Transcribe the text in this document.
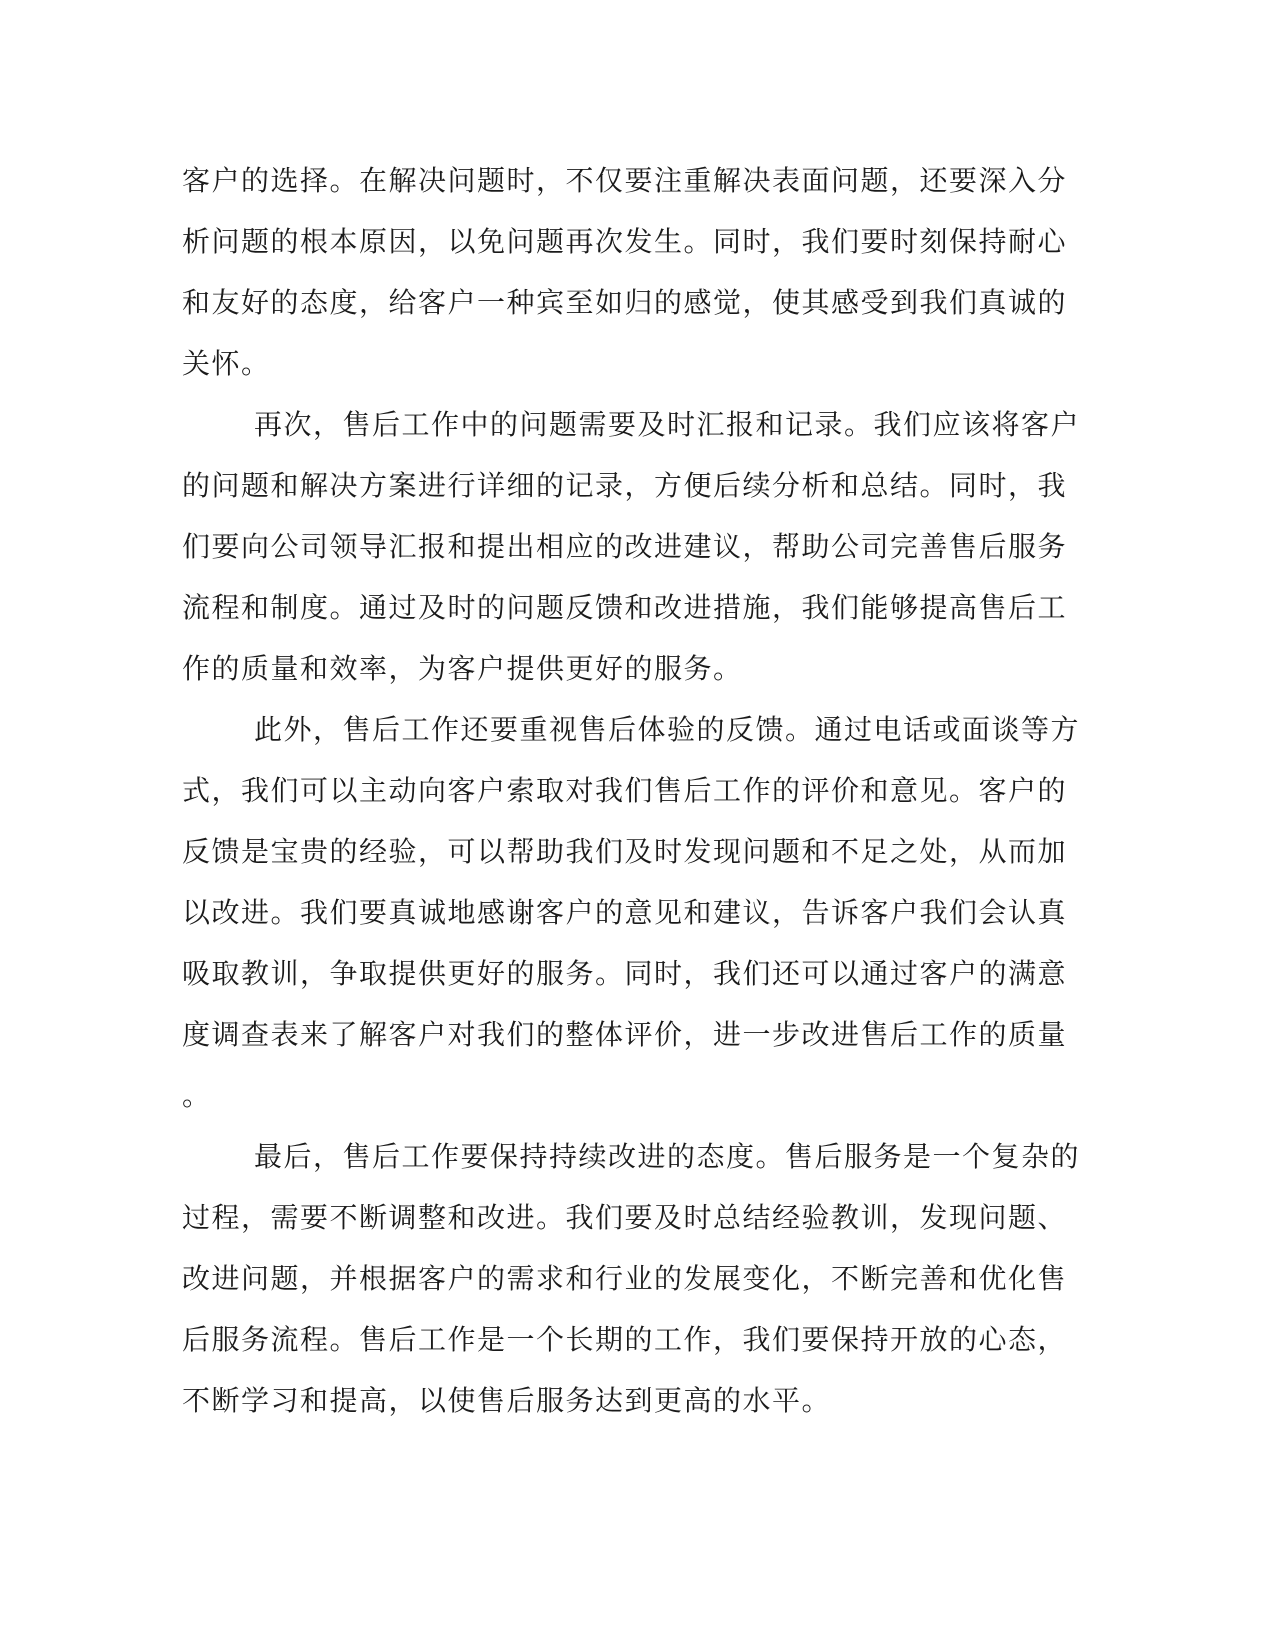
客户的选择。在解决问题时，不仅要注重解决表面问题，还要深入分
析问题的根本原因，以免问题再次发生。同时，我们要时刻保持耐心
和友好的态度，给客户一种宾至如归的感觉，使其感受到我们真诚的
关怀。
再次，售后工作中的问题需要及时汇报和记录。我们应该将客户
的问题和解决方案进行详细的记录，方便后续分析和总结。同时，我
们要向公司领导汇报和提出相应的改进建议，帮助公司完善售后服务
流程和制度。通过及时的问题反馈和改进措施，我们能够提高售后工
作的质量和效率，为客户提供更好的服务。
此外，售后工作还要重视售后体验的反馈。通过电话或面谈等方
式，我们可以主动向客户索取对我们售后工作的评价和意见。客户的
反馈是宝贵的经验，可以帮助我们及时发现问题和不足之处，从而加
以改进。我们要真诚地感谢客户的意见和建议，告诉客户我们会认真
吸取教训，争取提供更好的服务。同时，我们还可以通过客户的满意
度调查表来了解客户对我们的整体评价，进一步改进售后工作的质量
。
最后，售后工作要保持持续改进的态度。售后服务是一个复杂的
过程，需要不断调整和改进。我们要及时总结经验教训，发现问题、
改进问题，并根据客户的需求和行业的发展变化，不断完善和优化售
后服务流程。售后工作是一个长期的工作，我们要保持开放的心态，
不断学习和提高，以使售后服务达到更高的水平。
